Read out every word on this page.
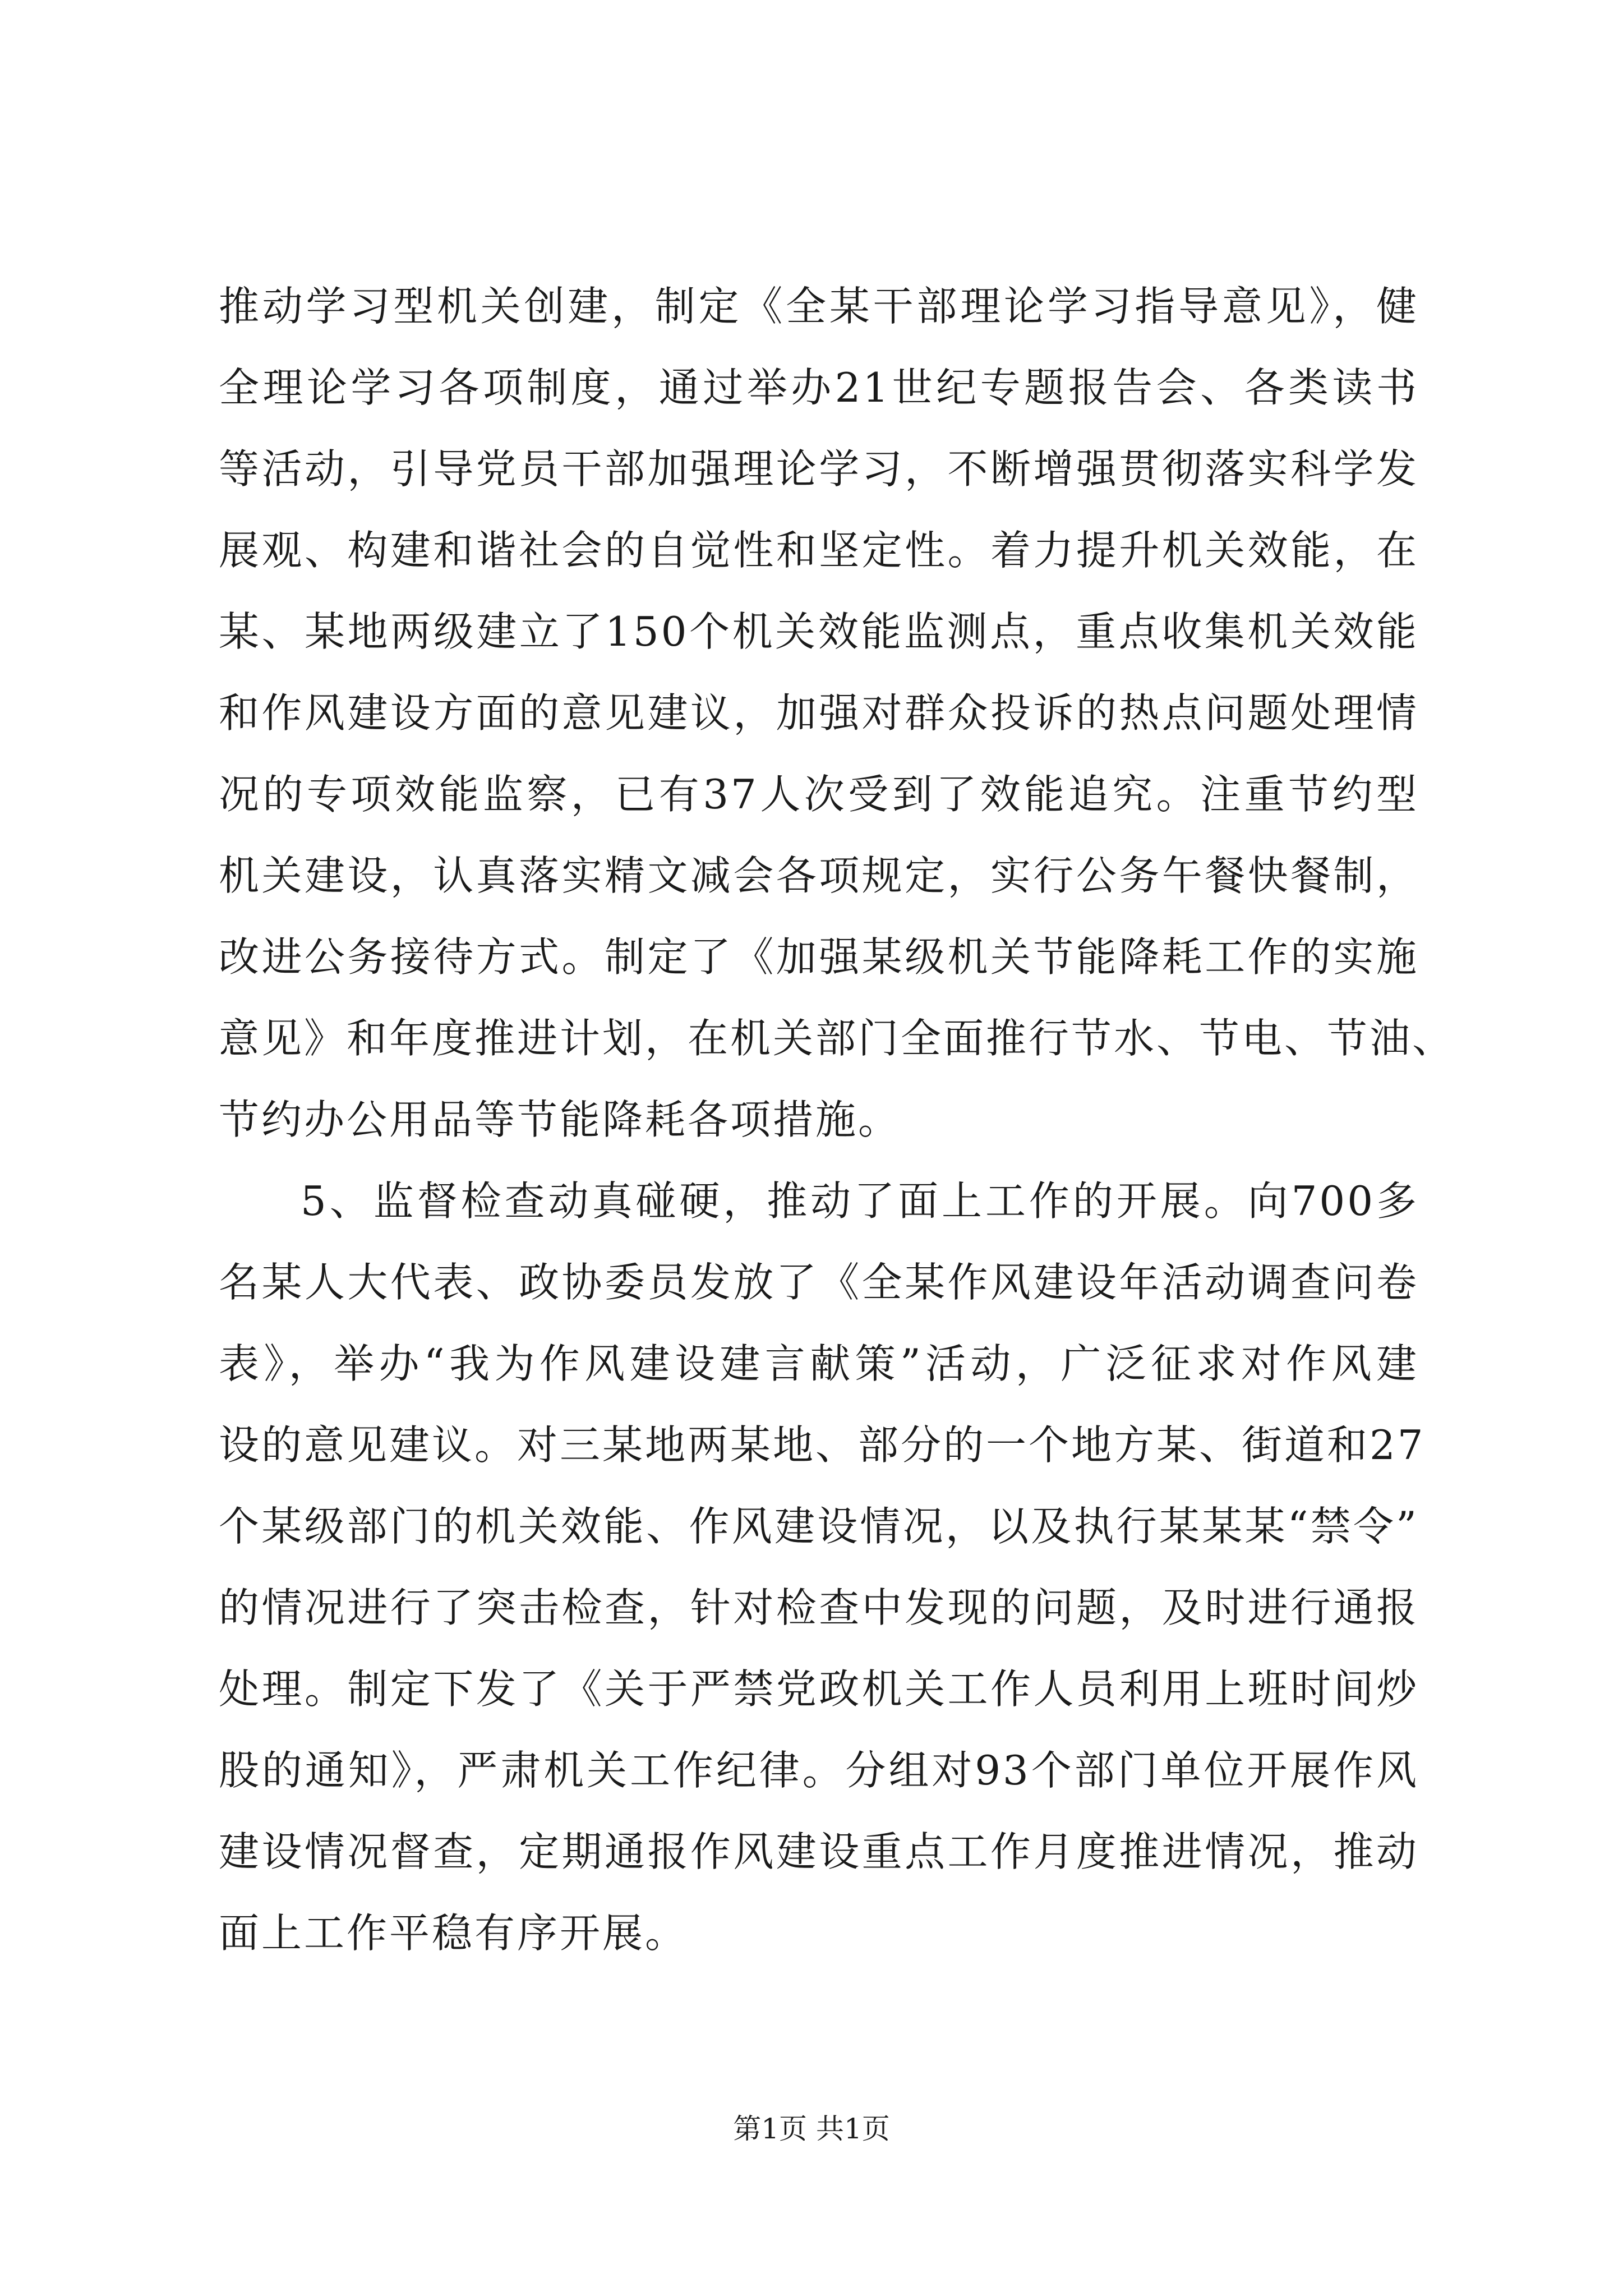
推动学习型机关创建，制定《全某干部理论学习指导意见》，健
全理论学习各项制度，通过举办21世纪专题报告会、各类读书
等活动，引导党员干部加强理论学习，不断增强贯彻落实科学发
展观、构建和谐社会的自觉性和坚定性。着力提升机关效能，在
某、某地两级建立了150个机关效能监测点，重点收集机关效能
和作风建设方面的意见建议，加强对群众投诉的热点问题处理情
况的专项效能监察，已有37人次受到了效能追究。注重节约型
机关建设，认真落实精文减会各项规定，实行公务午餐快餐制，
改进公务接待方式。制定了《加强某级机关节能降耗工作的实施
意见》和年度推进计划，在机关部门全面推行节水、节电、节油、
节约办公用品等节能降耗各项措施。
5、监督检查动真碰硬，推动了面上工作的开展。向700多
名某人大代表、政协委员发放了《全某作风建设年活动调查问卷
表》，举办“我为作风建设建言献策”活动，广泛征求对作风建
设的意见建议。对三某地两某地、部分的一个地方某、街道和27
个某级部门的机关效能、作风建设情况，以及执行某某某“禁令”
的情况进行了突击检查，针对检查中发现的问题，及时进行通报
处理。制定下发了《关于严禁党政机关工作人员利用上班时间炒
股的通知》，严肃机关工作纪律。分组对93个部门单位开展作风
建设情况督查，定期通报作风建设重点工作月度推进情况，推动
面上工作平稳有序开展。
第1页 共1页
